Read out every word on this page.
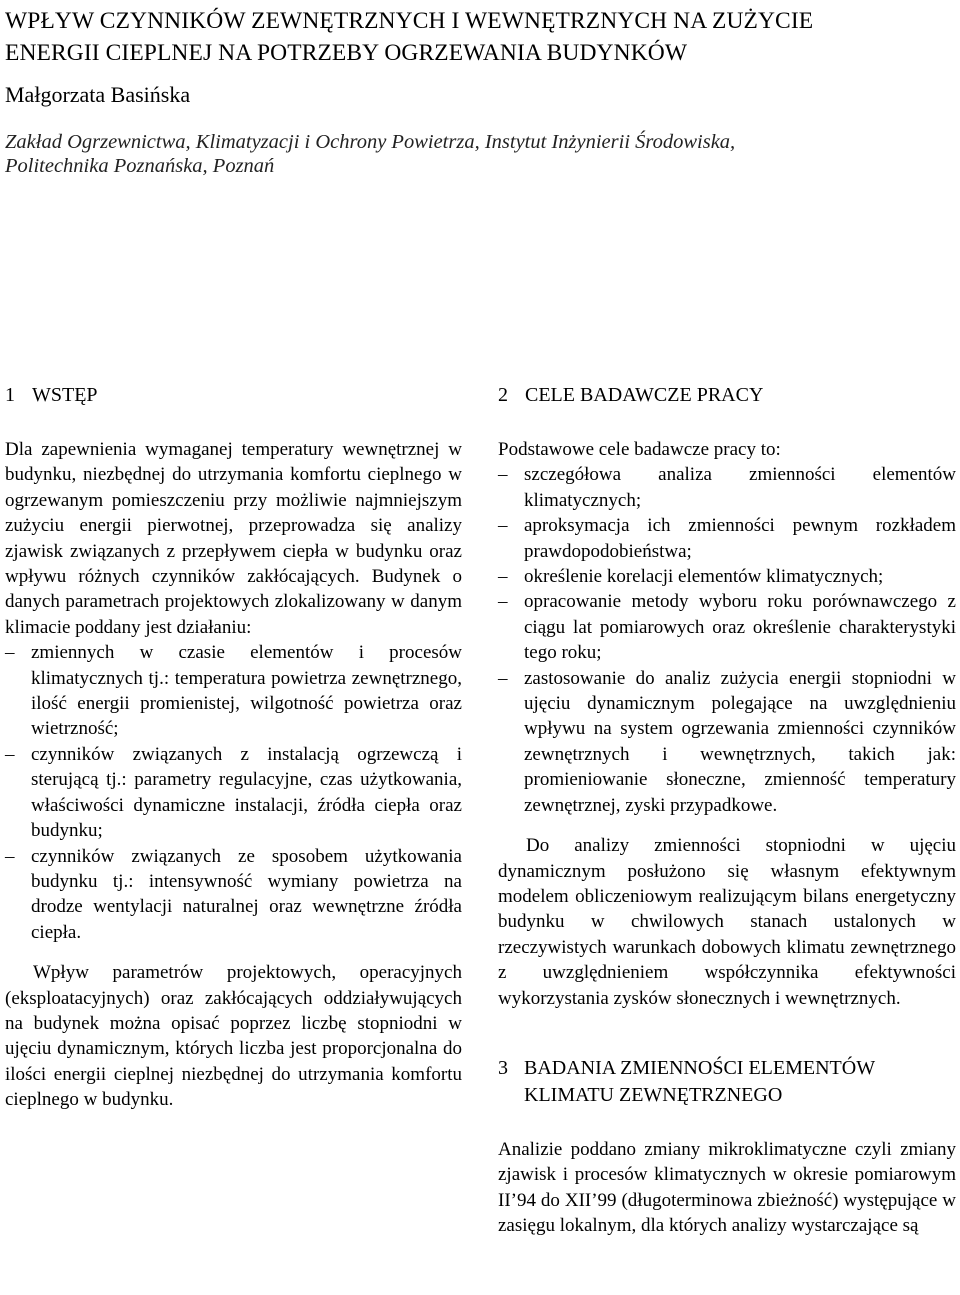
WPŁYW CZYNNIKÓW ZEWNĘTRZNYCH I WEWNĘTRZNYCH NA ZUŻYCIE
ENERGII CIEPLNEJ NA POTRZEBY OGRZEWANIA BUDYNKÓW
Małgorzata Basińska
Zakład Ogrzewnictwa, Klimatyzacji i Ochrony Powietrza, Instytut Inżynierii Środowiska,
Politechnika Poznańska, Poznań
1 WSTĘP

Dla zapewnienia wymaganej temperatury wewnętrznej w budynku, niezbędnej do utrzymania komfortu cieplnego w ogrzewanym pomieszczeniu przy możliwie najmniejszym zużyciu energii pierwotnej, przeprowadza się analizy zjawisk związanych z przepływem ciepła w budynku oraz wpływu różnych czynników zakłócających. Budynek o danych parametrach projektowych zlokalizowany w danym klimacie poddany jest działaniu:

– zmiennych w czasie elementów i procesów klimatycznych tj.: temperatura powietrza zewnętrznego, ilość energii promienistej, wilgotność powietrza oraz wietrzność;
– czynników związanych z instalacją ogrzewczą i sterującą tj.: parametry regulacyjne, czas użytkowania, właściwości dynamiczne instalacji, źródła ciepła oraz budynku;
– czynników związanych ze sposobem użytkowania budynku tj.: intensywność wymiany powietrza na drodze wentylacji naturalnej oraz wewnętrzne źródła ciepła.

Wpływ parametrów projektowych, operacyjnych (eksploatacyjnych) oraz zakłócających oddziaływujących na budynek można opisać poprzez liczbę stopniodni w ujęciu dynamicznym, których liczba jest proporcjonalna do ilości energii cieplnej niezbędnej do utrzymania komfortu cieplnego w budynku.

2 CELE BADAWCZE PRACY

Podstawowe cele badawcze pracy to:

– szczegółowa analiza zmienności elementów klimatycznych;
– aproksymacja ich zmienności pewnym rozkładem prawdopodobieństwa;
– określenie korelacji elementów klimatycznych;
– opracowanie metody wyboru roku porównawczego z ciągu lat pomiarowych oraz określenie charakterystyki tego roku;
– zastosowanie do analiz zużycia energii stopniodni w ujęciu dynamicznym polegające na uwzględnieniu wpływu na system ogrzewania zmienności czynników zewnętrznych i wewnętrznych, takich jak: promieniowanie słoneczne, zmienność temperatury zewnętrznej, zyski przypadkowe.

Do analizy zmienności stopniodni w ujęciu dynamicznym posłużono się własnym efektywnym modelem obliczeniowym realizującym bilans energetyczny budynku w chwilowych stanach ustalonych w rzeczywistych warunkach dobowych klimatu zewnętrznego z uwzględnieniem współczynnika efektywności wykorzystania zysków słonecznych i wewnętrznych.

3 BADANIA ZMIENNOŚCI ELEMENTÓW
KLIMATU ZEWNĘTRZNEGO

Analizie poddano zmiany mikroklimatyczne czyli zmiany zjawisk i procesów klimatycznych w okresie pomiarowym II’94 do XII’99 (długoterminowa zbieżność) występujące w zasięgu lokalnym, dla których analizy wystarczające są
